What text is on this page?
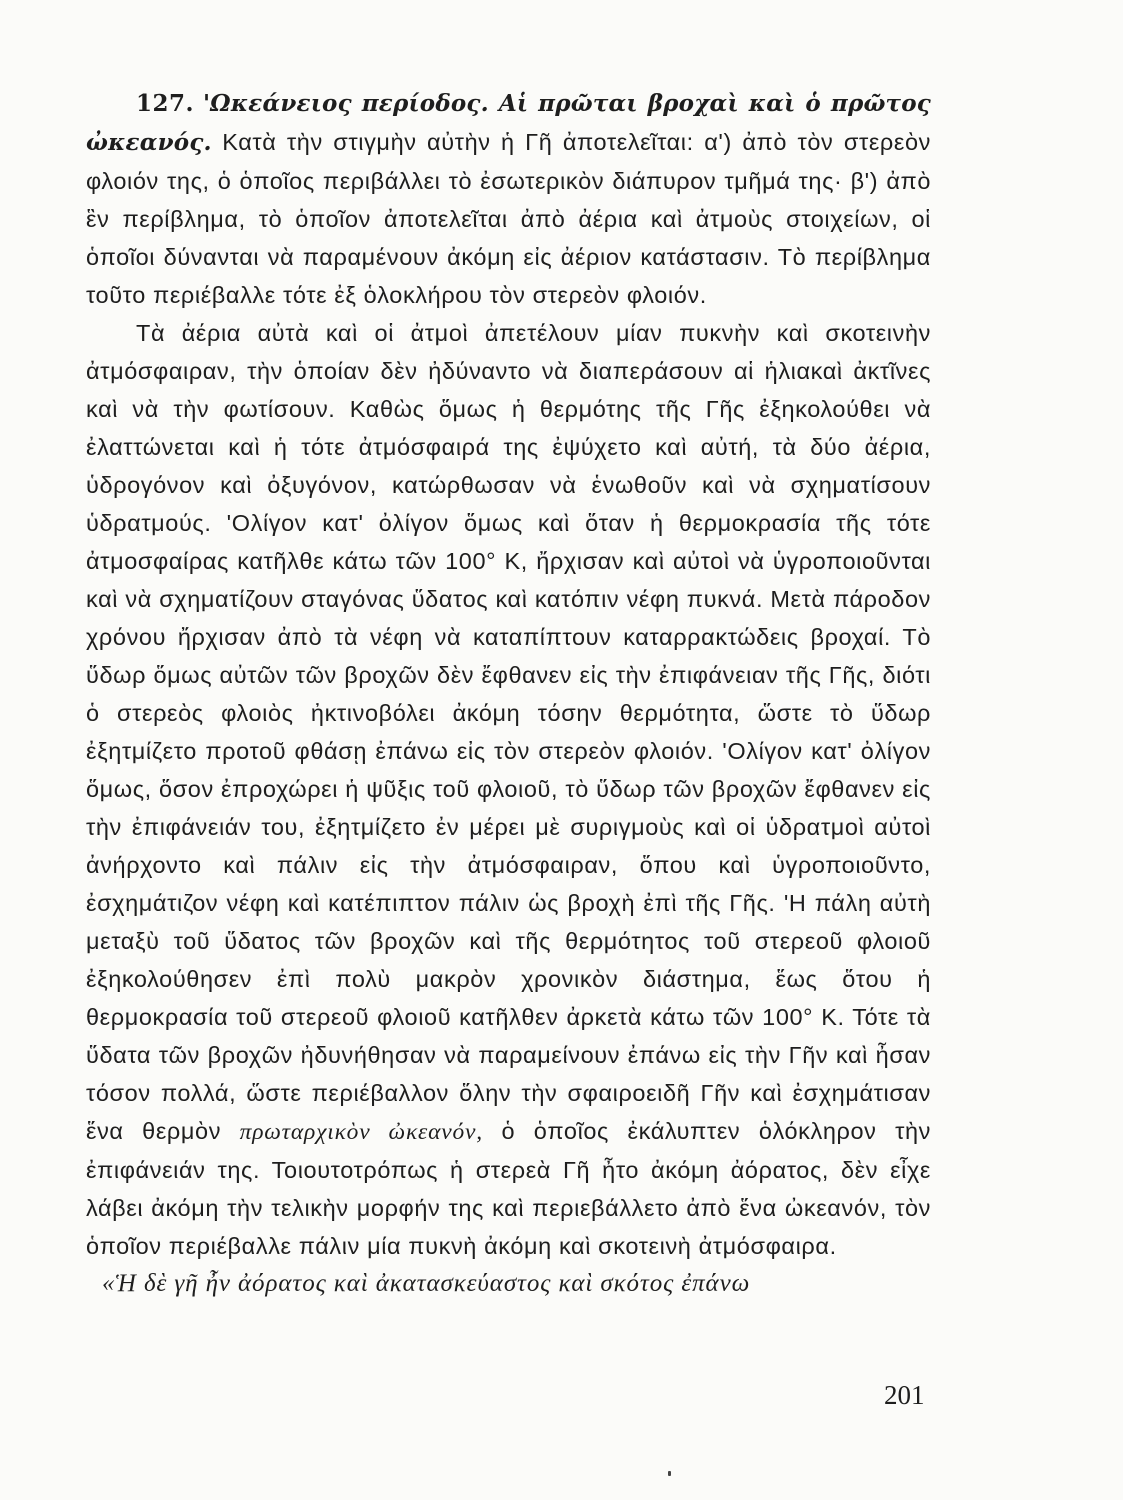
127. 'Ωκεάνειος περίοδος. Αἱ πρῶται βροχαὶ καὶ ὁ πρῶτος ὠκεανός. Κατὰ τὴν στιγμὴν αὐτὴν ἡ Γῆ ἀποτελεῖται: α') ἀπὸ τὸν στερεὸν φλοιόν της, ὁ ὁποῖος περιβάλλει τὸ ἐσωτερικὸν διάπυρον τμῆμά της· β') ἀπὸ ἓν περίβλημα, τὸ ὁποῖον ἀποτελεῖται ἀπὸ ἀέρια καὶ ἀτμοὺς στοιχείων, οἱ ὁποῖοι δύνανται νὰ παραμένουν ἀκόμη εἰς ἀέριον κατάστασιν. Τὸ περίβλημα τοῦτο περιέβαλλε τότε ἐξ ὁλοκλήρου τὸν στερεὸν φλοιόν.

Τὰ ἀέρια αὐτὰ καὶ οἱ ἀτμοὶ ἀπετέλουν μίαν πυκνὴν καὶ σκοτεινὴν ἀτμόσφαιραν, τὴν ὁποίαν δὲν ἠδύναντο νὰ διαπεράσουν αἱ ἡλιακαὶ ἀκτῖνες καὶ νὰ τὴν φωτίσουν. Καθὼς ὅμως ἡ θερμότης τῆς Γῆς ἐξηκολούθει νὰ ἐλαττώνεται καὶ ἡ τότε ἀτμόσφαιρά της ἐψύχετο καὶ αὐτή, τὰ δύο ἀέρια, ὑδρογόνον καὶ ὀξυγόνον, κατώρθωσαν νὰ ἑνωθοῦν καὶ νὰ σχηματίσουν ὑδρατμούς. 'Ολίγον κατ' ὀλίγον ὅμως καὶ ὅταν ἡ θερμοκρασία τῆς τότε ἀτμοσφαίρας κατῆλθε κάτω τῶν 100° Κ, ἤρχισαν καὶ αὐτοὶ νὰ ὑγροποιοῦνται καὶ νὰ σχηματίζουν σταγόνας ὕδατος καὶ κατόπιν νέφη πυκνά. Μετὰ πάροδον χρόνου ἤρχισαν ἀπὸ τὰ νέφη νὰ καταπίπτουν καταρρακτώδεις βροχαί. Τὸ ὕδωρ ὅμως αὐτῶν τῶν βροχῶν δὲν ἔφθανεν εἰς τὴν ἐπιφάνειαν τῆς Γῆς, διότι ὁ στερεὸς φλοιὸς ἠκτινοβόλει ἀκόμη τόσην θερμότητα, ὥστε τὸ ὕδωρ ἐξητμίζετο προτοῦ φθάσῃ ἐπάνω εἰς τὸν στερεὸν φλοιόν. 'Ολίγον κατ' ὀλίγον ὅμως, ὅσον ἐπροχώρει ἡ ψῦξις τοῦ φλοιοῦ, τὸ ὕδωρ τῶν βροχῶν ἔφθανεν εἰς τὴν ἐπιφάνειάν του, ἐξητμίζετο ἐν μέρει μὲ συριγμοὺς καὶ οἱ ὑδρατμοὶ αὐτοὶ ἀνήρχοντο καὶ πάλιν εἰς τὴν ἀτμόσφαιραν, ὅπου καὶ ὑγροποιοῦντο, ἐσχημάτιζον νέφη καὶ κατέπιπτον πάλιν ὡς βροχὴ ἐπὶ τῆς Γῆς. 'Η πάλη αὐτὴ μεταξὺ τοῦ ὕδατος τῶν βροχῶν καὶ τῆς θερμότητος τοῦ στερεοῦ φλοιοῦ ἐξηκολούθησεν ἐπὶ πολὺ μακρὸν χρονικὸν διάστημα, ἕως ὅτου ἡ θερμοκρασία τοῦ στερεοῦ φλοιοῦ κατῆλθεν ἀρκετὰ κάτω τῶν 100° Κ. Τότε τὰ ὕδατα τῶν βροχῶν ἠδυνήθησαν νὰ παραμείνουν ἐπάνω εἰς τὴν Γῆν καὶ ἦσαν τόσον πολλά, ὥστε περιέβαλλον ὅλην τὴν σφαιροειδῆ Γῆν καὶ ἐσχημάτισαν ἕνα θερμὸν πρωταρχικὸν ὠκεανόν, ὁ ὁποῖος ἐκάλυπτεν ὁλόκληρον τὴν ἐπιφάνειάν της. Τοιουτοτρόπως ἡ στερεὰ Γῆ ἦτο ἀκόμη ἀόρατος, δὲν εἶχε λάβει ἀκόμη τὴν τελικὴν μορφήν της καὶ περιεβάλλετο ἀπὸ ἕνα ὠκεανόν, τὸν ὁποῖον περιέβαλλε πάλιν μία πυκνὴ ἀκόμη καὶ σκοτεινὴ ἀτμόσφαιρα.

«Ἡ δὲ γῆ ἦν ἀόρατος καὶ ἀκατασκεύαστος καὶ σκότος ἐπάνω

201
